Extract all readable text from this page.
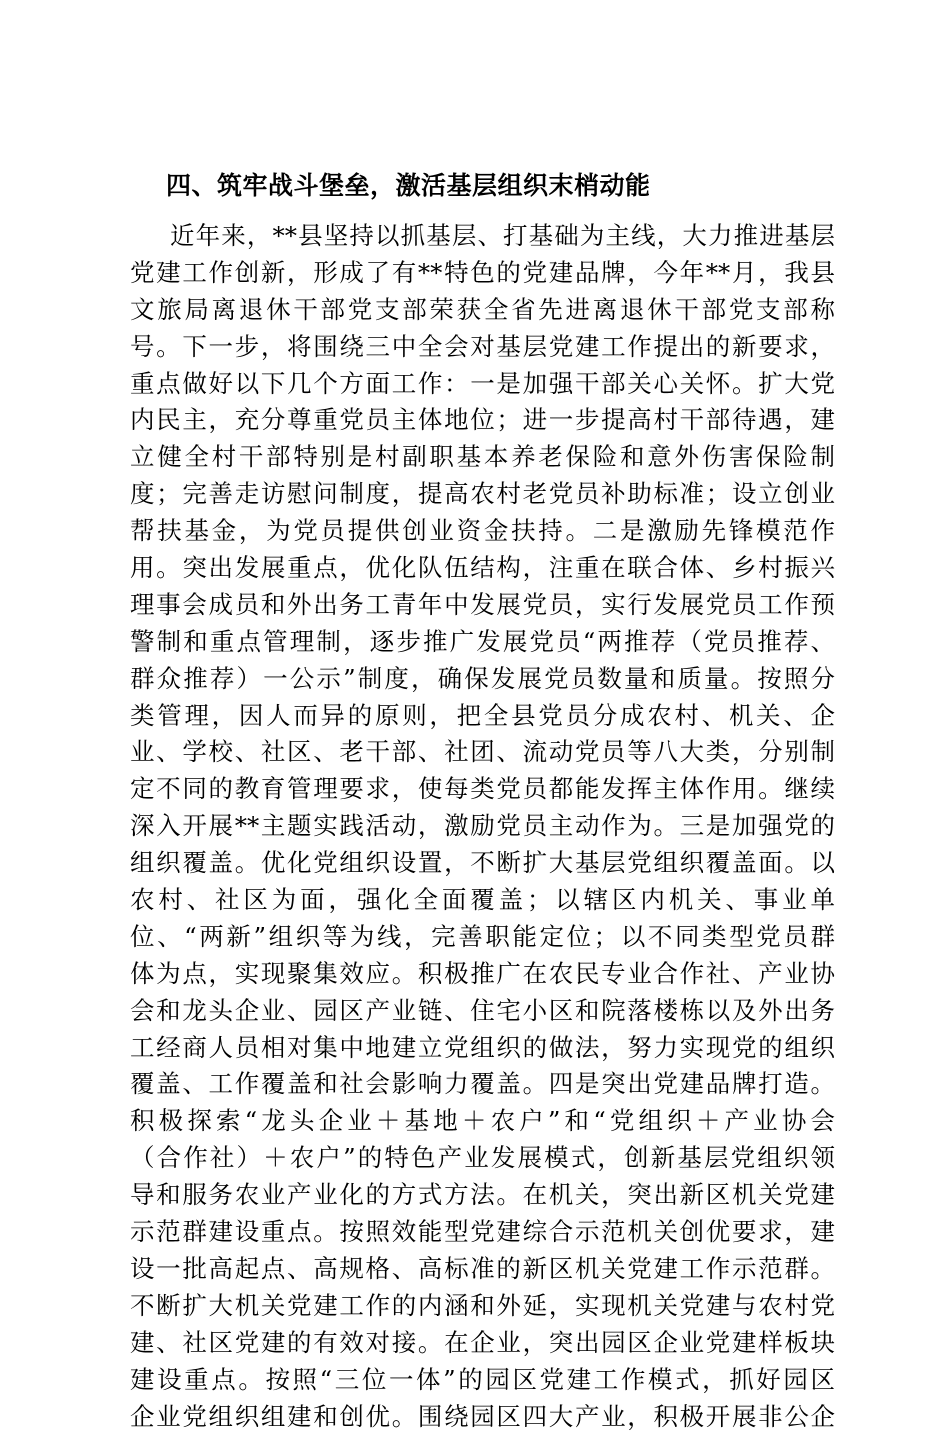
四、筑牢战斗堡垒，激活基层组织末梢动能
近年来，**县坚持以抓基层、打基础为主线，大力推进基层
党建工作创新，形成了有**特色的党建品牌，今年**月，我县
文旅局离退休干部党支部荣获全省先进离退休干部党支部称
号。下一步，将围绕三中全会对基层党建工作提出的新要求，
重点做好以下几个方面工作：一是加强干部关心关怀。扩大党
内民主，充分尊重党员主体地位；进一步提高村干部待遇，建
立健全村干部特别是村副职基本养老保险和意外伤害保险制
度；完善走访慰问制度，提高农村老党员补助标准；设立创业
帮扶基金，为党员提供创业资金扶持。二是激励先锋模范作
用。突出发展重点，优化队伍结构，注重在联合体、乡村振兴
理事会成员和外出务工青年中发展党员，实行发展党员工作预
警制和重点管理制，逐步推广发展党员“两推荐（党员推荐、
群众推荐）一公示”制度，确保发展党员数量和质量。按照分
类管理，因人而异的原则，把全县党员分成农村、机关、企
业、学校、社区、老干部、社团、流动党员等八大类，分别制
定不同的教育管理要求，使每类党员都能发挥主体作用。继续
深入开展**主题实践活动，激励党员主动作为。三是加强党的
组织覆盖。优化党组织设置，不断扩大基层党组织覆盖面。以
农村、社区为面，强化全面覆盖；以辖区内机关、事业单
位、“两新”组织等为线，完善职能定位；以不同类型党员群
体为点，实现聚集效应。积极推广在农民专业合作社、产业协
会和龙头企业、园区产业链、住宅小区和院落楼栋以及外出务
工经商人员相对集中地建立党组织的做法，努力实现党的组织
覆盖、工作覆盖和社会影响力覆盖。四是突出党建品牌打造。
积极探索“龙头企业＋基地＋农户”和“党组织＋产业协会
（合作社）＋农户”的特色产业发展模式，创新基层党组织领
导和服务农业产业化的方式方法。在机关，突出新区机关党建
示范群建设重点。按照效能型党建综合示范机关创优要求，建
设一批高起点、高规格、高标准的新区机关党建工作示范群。
不断扩大机关党建工作的内涵和外延，实现机关党建与农村党
建、社区党建的有效对接。在企业，突出园区企业党建样板块
建设重点。按照“三位一体”的园区党建工作模式，抓好园区
企业党组织组建和创优。围绕园区四大产业，积极开展非公企
